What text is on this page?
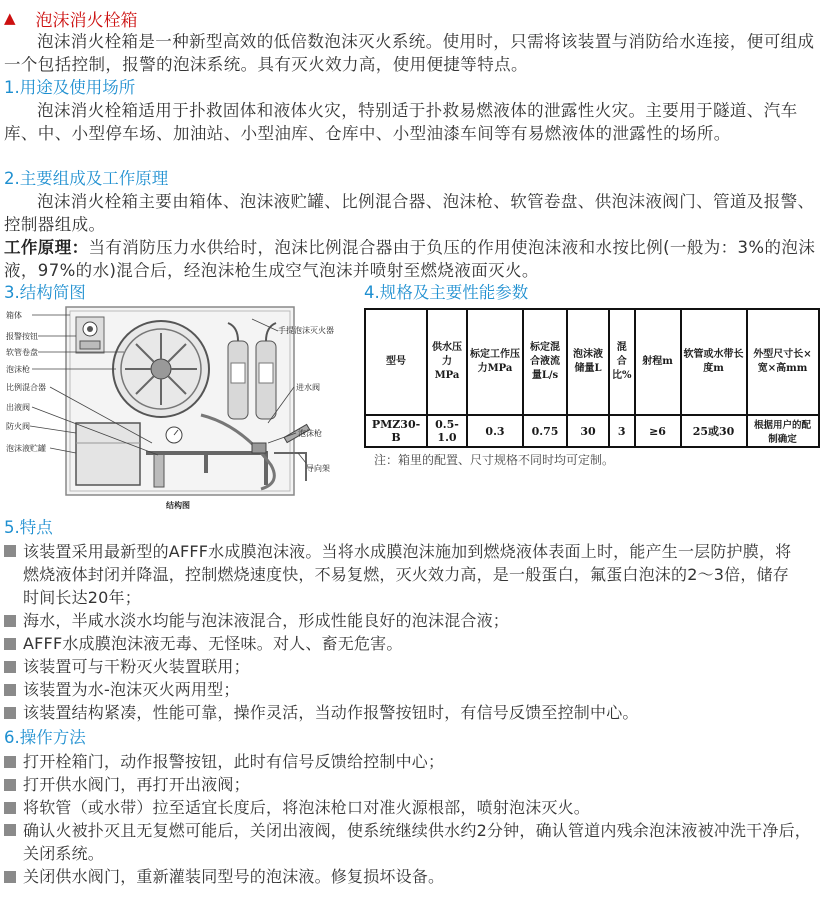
▲ 泡沫消火栓箱
泡沫消火栓箱是一种新型高效的低倍数泡沫灭火系统。使用时，只需将该装置与消防给水连接，便可组成一个包括控制，报警的泡沫系统。具有灭火效力高，使用便捷等特点。
1.用途及使用场所
泡沫消火栓箱适用于扑救固体和液体火灾，特别适于扑救易燃液体的泄露性火灾。主要用于隧道、汽车库、中、小型停车场、加油站、小型油库、仓库中、小型油漆车间等有易燃液体的泄露性的场所。
2.主要组成及工作原理
泡沫消火栓箱主要由箱体、泡沫液贮罐、比例混合器、泡沫枪、软管卷盘、供泡沫液阀门、管道及报警、控制器组成。
工作原理：当有消防压力水供给时，泡沫比例混合器由于负压的作用使泡沫液和水按比例(一般为：3%的泡沫液，97%的水)混合后，经泡沫枪生成空气泡沫并喷射至燃烧液面灭火。
3.结构简图
箱体
报警按钮
软管卷盘
泡沫枪
比例混合器
出液阀
防火阀
泡沫液贮罐
手提泡沫灭火器
进水阀
泡沫枪
导向架
结构图
4.规格及主要性能参数
型号	供水压力MPa	标定工作压力MPa	标定混合液流量L/s	泡沫液储量L	混合比%	射程m	软管或水带长度m	外型尺寸长×宽×高mm
PMZ30-B	0.5-1.0	0.3	0.75	30	3	≥6	25或30	根据用户的配制确定
注：箱里的配置、尺寸规格不同时均可定制。
5.特点
该装置采用最新型的AFFF水成膜泡沫液。当将水成膜泡沫施加到燃烧液体表面上时，能产生一层防护膜，将燃烧液体封闭并降温，控制燃烧速度快，不易复燃，灭火效力高，是一般蛋白，氟蛋白泡沫的2～3倍，储存时间长达20年；
海水，半咸水淡水均能与泡沫液混合，形成性能良好的泡沫混合液；
AFFF水成膜泡沫液无毒、无怪味。对人、畜无危害。
该装置可与干粉灭火装置联用；
该装置为水-泡沫灭火两用型；
该装置结构紧凑，性能可靠，操作灵活，当动作报警按钮时，有信号反馈至控制中心。
6.操作方法
打开栓箱门，动作报警按钮，此时有信号反馈给控制中心；
打开供水阀门，再打开出液阀；
将软管（或水带）拉至适宜长度后，将泡沫枪口对准火源根部，喷射泡沫灭火。
确认火被扑灭且无复燃可能后，关闭出液阀，使系统继续供水约2分钟，确认管道内残余泡沫液被冲洗干净后，关闭系统。
关闭供水阀门，重新灌装同型号的泡沫液。修复损坏设备。
